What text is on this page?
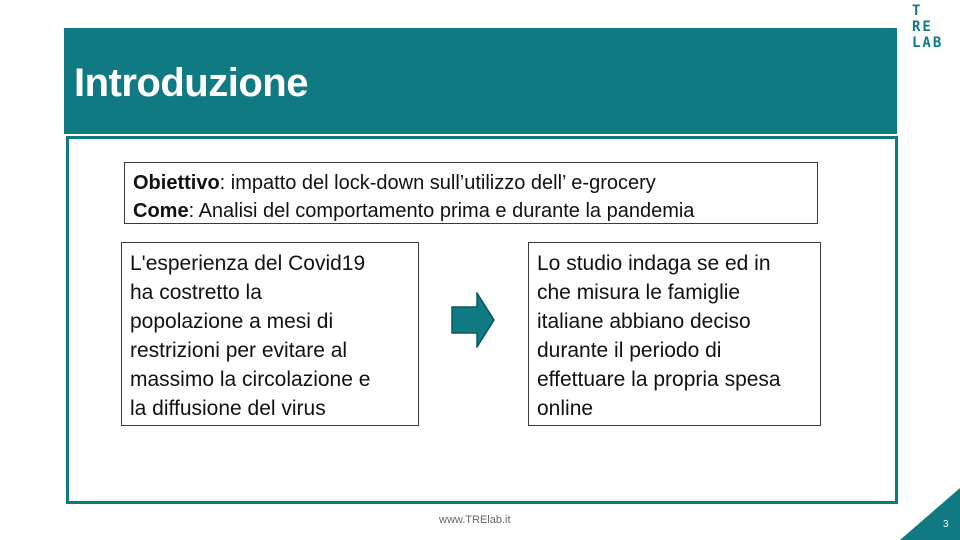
Introduzione
T
RE
LAB
Obiettivo: impatto del lock-down sull’utilizzo dell’ e-grocery
Come: Analisi del comportamento prima e durante la pandemia
L'esperienza del Covid19
ha costretto la
popolazione a mesi di
restrizioni per evitare al
massimo la circolazione e
la diffusione del virus
Lo studio indaga se ed in
che misura le famiglie
italiane abbiano deciso
durante il periodo di
effettuare la propria spesa
online
www.TRElab.it	3
